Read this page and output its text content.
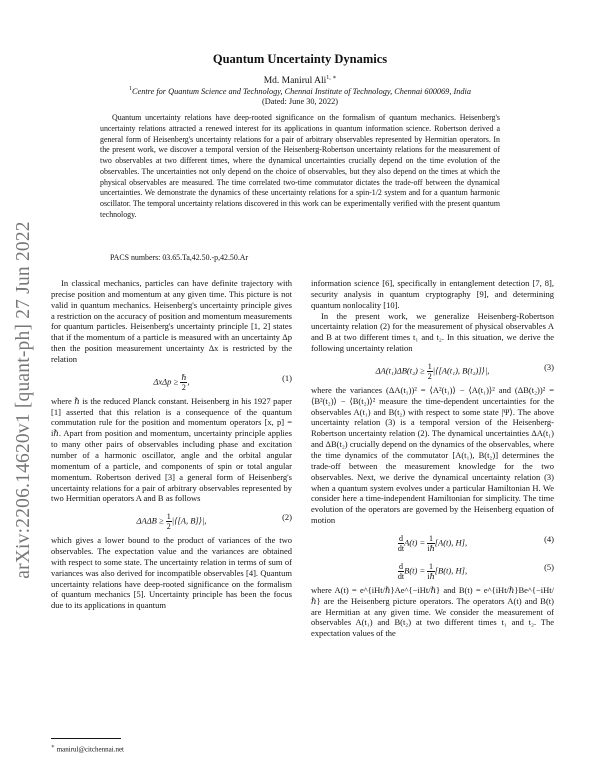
arXiv:2206.14620v1 [quant-ph] 27 Jun 2022
Quantum Uncertainty Dynamics
Md. Manirul Ali$^{1, ∗}$
$^1$Centre for Quantum Science and Technology, Chennai Institute of Technology, Chennai 600069, India
(Dated: June 30, 2022)
Quantum uncertainty relations have deep-rooted significance on the formalism of quantum mechanics. Heisenberg's uncertainty relations attracted a renewed interest for its applications in quantum information science. Robertson derived a general form of Heisenberg's uncertainty relations for a pair of arbitrary observables represented by Hermitian operators. In the present work, we discover a temporal version of the Heisenberg-Robertson uncertainty relations for the measurement of two observables at two different times, where the dynamical uncertainties crucially depend on the time evolution of the observables. The uncertainties not only depend on the choice of observables, but they also depend on the times at which the physical observables are measured. The time correlated two-time commutator dictates the trade-off between the dynamical uncertainties. We demonstrate the dynamics of these uncertainty relations for a spin-1/2 system and for a quantum harmonic oscillator. The temporal uncertainty relations discovered in this work can be experimentally verified with the present quantum technology.
PACS numbers: 03.65.Ta,42.50.-p,42.50.Ar

In classical mechanics, particles can have definite trajectory with precise position and momentum at any given time. This picture is not valid in quantum mechanics. Heisenberg's uncertainty principle gives a restriction on the accuracy of position and momentum measurements for quantum particles. Heisenberg's uncertainty principle [1, 2] states that if the momentum of a particle is measured with an uncertainty Δp then the position measurement uncertainty Δx is restricted by the relation

$\Delta x\Delta p \ge \frac{\text{ℏ}}{2}$ ,	(1)

where ℏ is the reduced Planck constant. Heisenberg in his 1927 paper [1] asserted that this relation is a consequence of the quantum commutation rule for the position and momentum operators [x, p] = iℏ. Apart from position and momentum, uncertainty principle applies to many other pairs of observables including phase and excitation number of a harmonic oscillator, angle and the orbital angular momentum of a particle, and components of spin or total angular momentum. Robertson derived [3] a general form of Heisenberg's uncertainty relations for a pair of arbitrary observables represented by two Hermitian operators A and B as follows

$\Delta A\Delta B \ge \frac{1}{2}$ |⟨[A, B]⟩|,	(2)

which gives a lower bound to the product of variances of the two observables. The expectation value and the variances are obtained with respect to some state. The uncertainty relation in terms of sum of variances was also derived for incompatible observables [4]. Quantum uncertainty relations have deep-rooted significance on the formalism of quantum mechanics [5]. Uncertainty principle has been the focus due to its applications in quantum

information science [6], specifically in entanglement detection [7, 8], security analysis in quantum cryptography [9], and determining quantum nonlocality [10].

In the present work, we generalize Heisenberg-Robertson uncertainty relation (2) for the measurement of physical observables A and B at two different times t₁ and t₂. In this situation, we derive the following uncertainty relation

$\Delta A(t_1)\Delta B(t_2) \ge \frac{1}{2}$ |⟨[A(t₁), B(t₂)]⟩|,	(3)

where the variances (ΔA(t₁))² = ⟨A²(t₁)⟩ − ⟨A(t₁)⟩² and (ΔB(t₂))² = ⟨B²(t₂)⟩ − ⟨B(t₂)⟩² measure the time-dependent uncertainties for the observables A(t₁) and B(t₂) with respect to some state |Ψ⟩. The above uncertainty relation (3) is a temporal version of the Heisenberg-Robertson uncertainty relation (2). The dynamical uncertainties ΔA(t₁) and ΔB(t₂) crucially depend on the dynamics of the observables, where the time dynamics of the commutator [A(t₁), B(t₂)] determines the trade-off between the measurement knowledge for the two observables. Next, we derive the dynamical uncertainty relation (3) when a quantum system evolves under a particular Hamiltonian H. We consider here a time-independent Hamiltonian for simplicity. The time evolution of the operators are governed by the Heisenberg equation of motion

$\frac{d}{dt} A(t) = \frac{1}{\text{iℏ}} [A(t)$, H],	(4)
$\frac{d}{dt} B(t) = \frac{1}{\text{iℏ}} [B(t)$, H],	(5)

where A(t) = e^{iHt/ℏ}Ae^{−iHt/ℏ} and B(t) = e^{iHt/ℏ}Be^{−iHt/ℏ} are the Heisenberg picture operators. The operators A(t) and B(t) are Hermitian at any given time. We consider the measurement of observables A(t₁) and B(t₂) at two different times t₁ and t₂. The expectation values of the

∗ manirul@citchennai.net
